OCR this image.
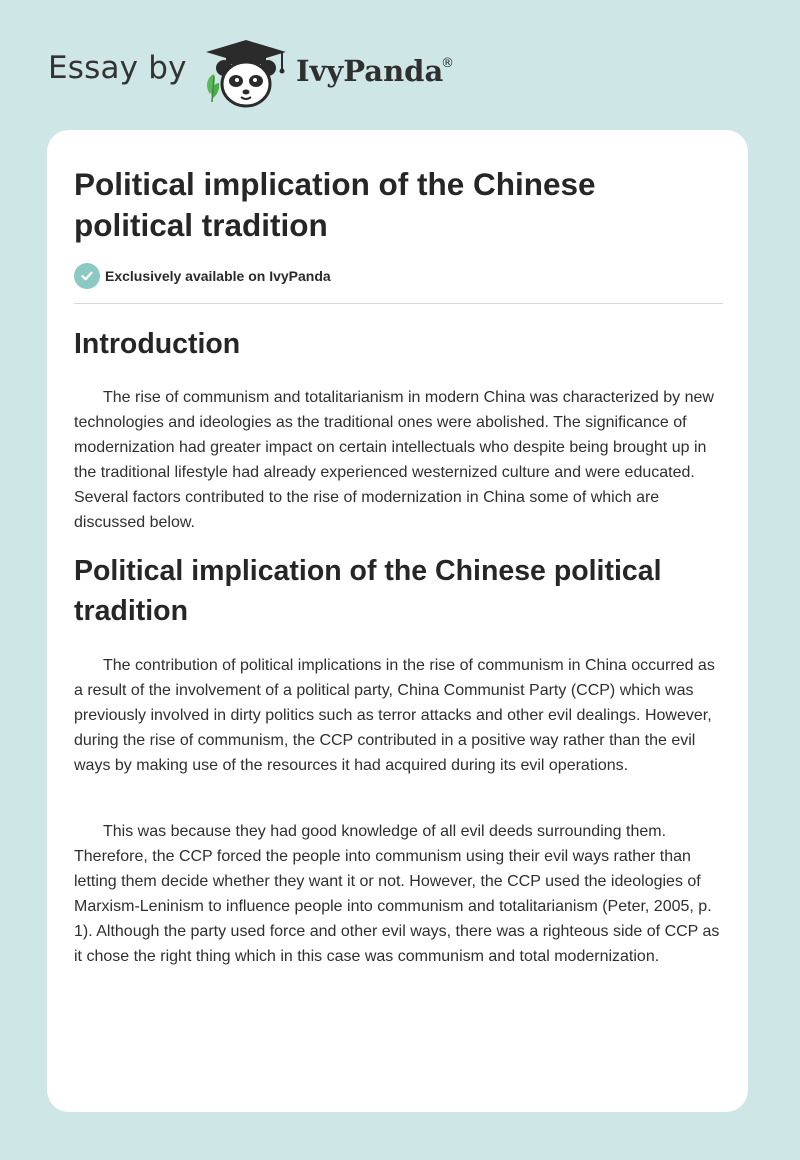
Essay by	IvyPanda
®
Political implication of the Chinese political tradition
Exclusively available on IvyPanda
Introduction

The rise of communism and totalitarianism in modern China was characterized by new technologies and ideologies as the traditional ones were abolished. The significance of modernization had greater impact on certain intellectuals who despite being brought up in the traditional lifestyle had already experienced westernized culture and were educated. Several factors contributed to the rise of modernization in China some of which are discussed below.

Political implication of the Chinese political tradition

The contribution of political implications in the rise of communism in China occurred as a result of the involvement of a political party, China Communist Party (CCP) which was previously involved in dirty politics such as terror attacks and other evil dealings. However, during the rise of communism, the CCP contributed in a positive way rather than the evil ways by making use of the resources it had acquired during its evil operations.

This was because they had good knowledge of all evil deeds surrounding them. Therefore, the CCP forced the people into communism using their evil ways rather than letting them decide whether they want it or not. However, the CCP used the ideologies of Marxism-Leninism to influence people into communism and totalitarianism (Peter, 2005, p. 1). Although the party used force and other evil ways, there was a righteous side of CCP as it chose the right thing which in this case was communism and total modernization.
